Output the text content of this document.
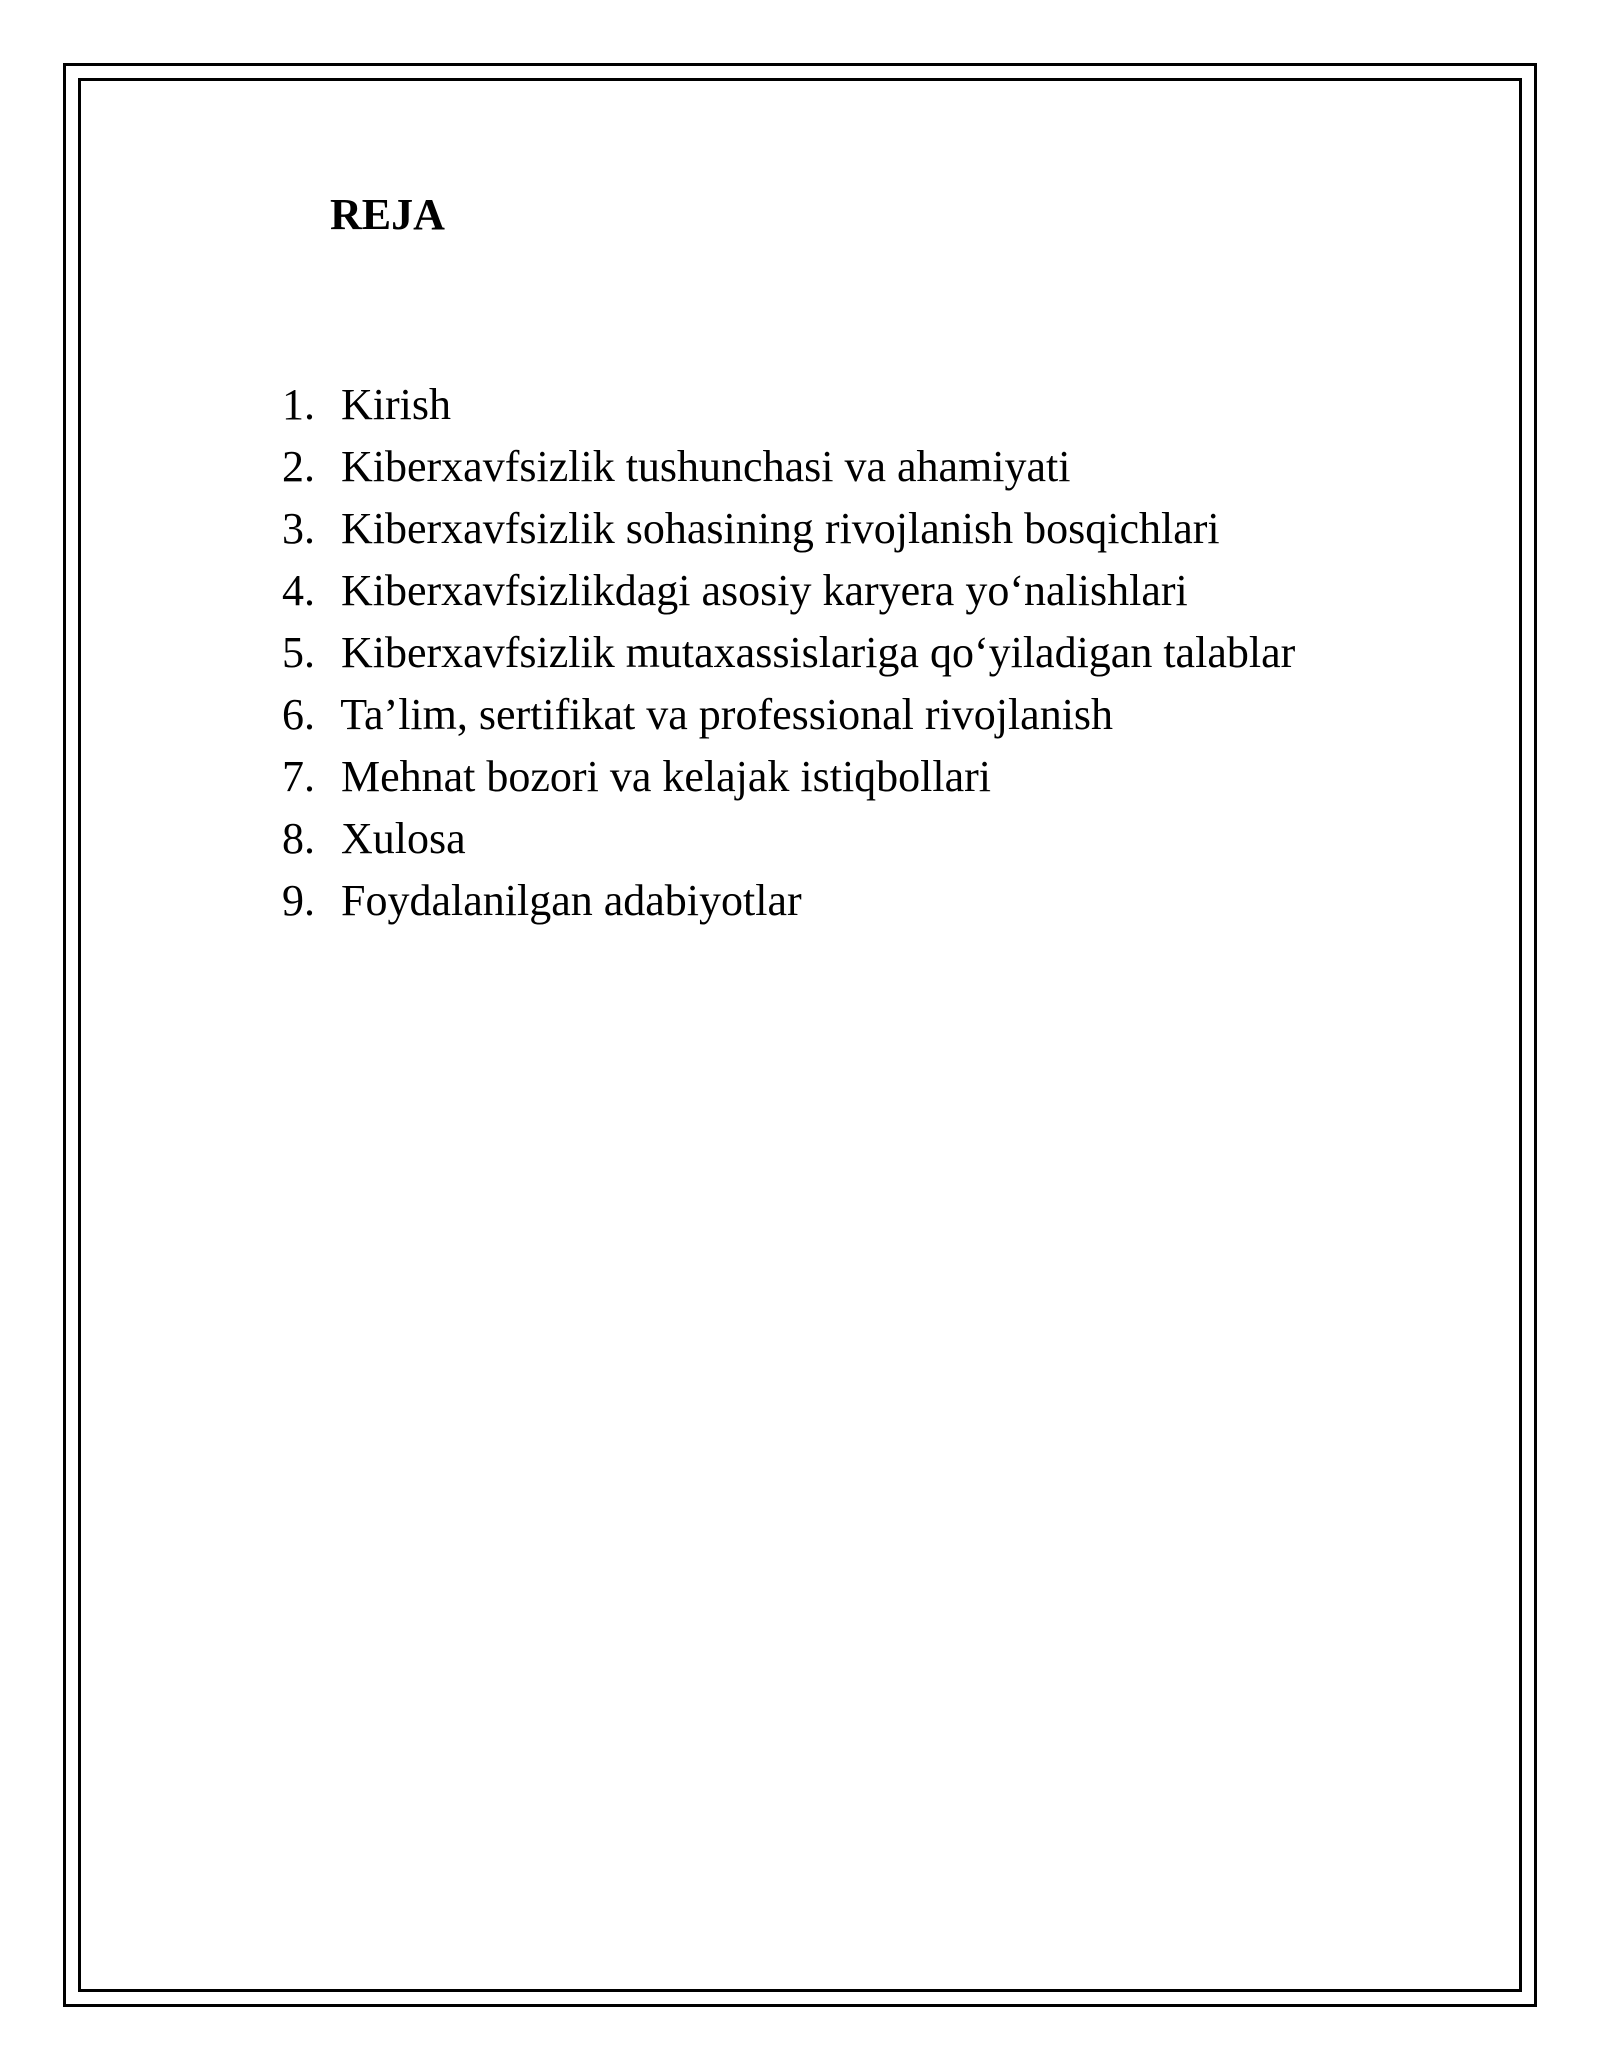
REJA
1. Kirish
2. Kiberxavfsizlik tushunchasi va ahamiyati
3. Kiberxavfsizlik sohasining rivojlanish bosqichlari
4. Kiberxavfsizlikdagi asosiy karyera yo‘nalishlari
5. Kiberxavfsizlik mutaxassislariga qo‘yiladigan talablar
6. Ta’lim, sertifikat va professional rivojlanish
7. Mehnat bozori va kelajak istiqbollari
8. Xulosa
9. Foydalanilgan adabiyotlar
